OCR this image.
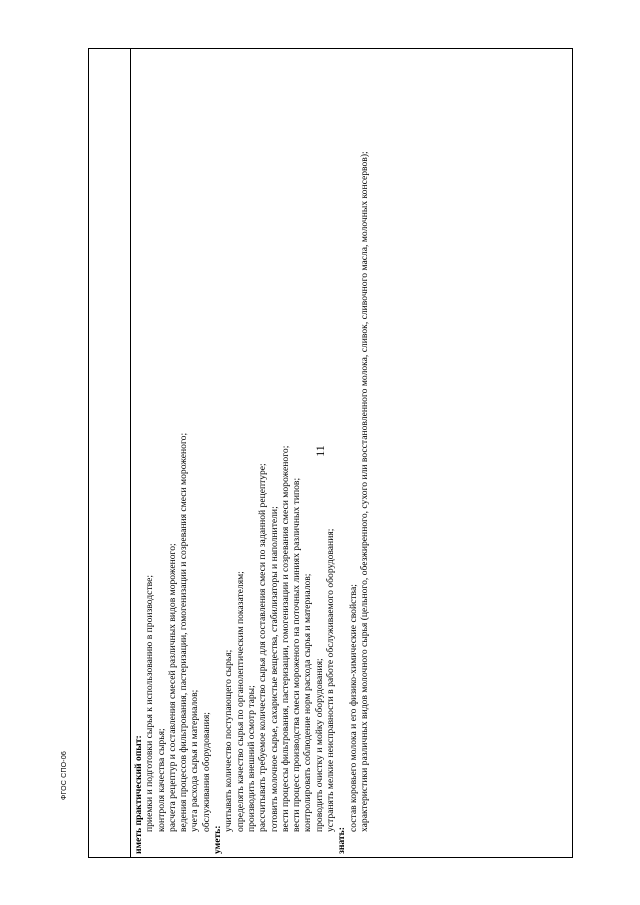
11

иметь практический опыт: приемки и подготовки сырья к использованию в производстве; контроля качества сырья; расчета рецептур и составления смесей различных видов мороженого; ведения процессов фильтрования, пастеризации, гомогенизации и созревания смеси мороженого; учета расхода сырья и материалов; обслуживания оборудования;

уметь:

учитывать количество поступающего сырья; определять качество сырья по органолептическим показателям; производить внешний осмотр тары; рассчитывать требуемое количество сырья для составления смеси по заданной рецептуре; готовить молочное сырье, сахаристые вещества, стабилизаторы и наполнители; вести процессы фильтрования, пастеризации, гомогенизации и созревания смеси мороженого; вести процесс производства смеси мороженого на поточных линиях различных типов; контролировать соблюдение норм расхода сырья и материалов; проводить очистку и мойку оборудования; устранять мелкие неисправности в работе обслуживаемого оборудования;

знать:

состав коровьего молока и его физико-химические свойства; характеристики различных видов молочного сырья (цельного, обезжиренного, сухого или восстановленного молока, сливок, сливочного масла, молочных консервов);

ФГОС СПО-06
